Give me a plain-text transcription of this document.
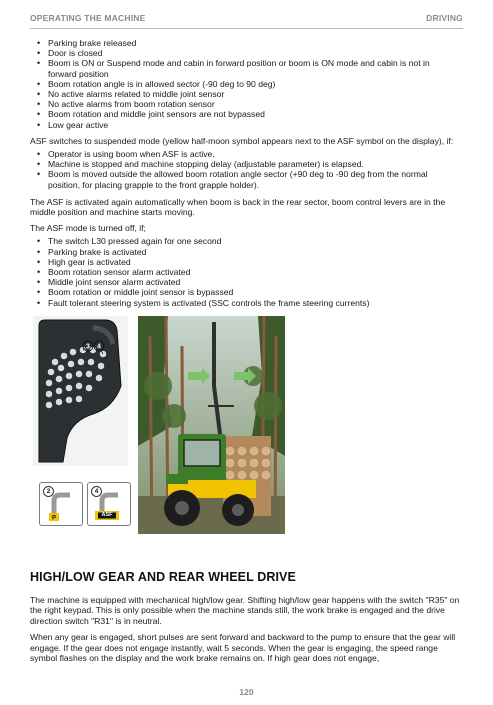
OPERATING THE MACHINE	DRIVING
• Parking brake released
• Door is closed
• Boom is ON or Suspend mode and cabin in forward position or boom is ON mode and cabin is not in forward position
• Boom rotation angle is in allowed sector (-90 deg to 90 deg)
• No active alarms related to middle joint sensor
• No active alarms from boom rotation sensor
• Boom rotation and middle joint sensors are not bypassed
• Low gear active

ASF switches to suspended mode (yellow half-moon symbol appears next to the ASF symbol on the display), if:

• Operator is using boom when ASF is active.
• Machine is stopped and machine stopping delay (adjustable parameter) is elapsed.
• Boom is moved outside the allowed boom rotation angle sector (+90 deg to -90 deg from the normal position, for placing grapple to the front grapple holder).

The ASF is activated again automatically when boom is back in the rear sector, boom control levers are in the middle position and machine starts moving.

The ASF mode is turned off, if;

• The switch L30 pressed again for one second
• Parking brake is activated
• High gear is activated
• Boom rotation sensor alarm activated
• Middle joint sensor alarm activated
• Boom rotation or middle joint sensor is bypassed
• Fault tolerant steering system is activated (SSC controls the frame steering currents)
3 4
2
P
4
ASF
HIGH/LOW GEAR AND REAR WHEEL DRIVE

The machine is equipped with mechanical high/low gear. Shifting high/low gear happens with the switch "R35" on the right keypad. This is only possible when the machine stands still, the work brake is engaged and the drive direction switch "R31" is in neutral.

When any gear is engaged, short pulses are sent forward and backward to the pump to ensure that the gear will engage. If the gear does not engage instantly, wait 5 seconds. When the gear is engaging, the speed range symbol flashes on the display and the work brake remains on. If high gear does not engage,

120
